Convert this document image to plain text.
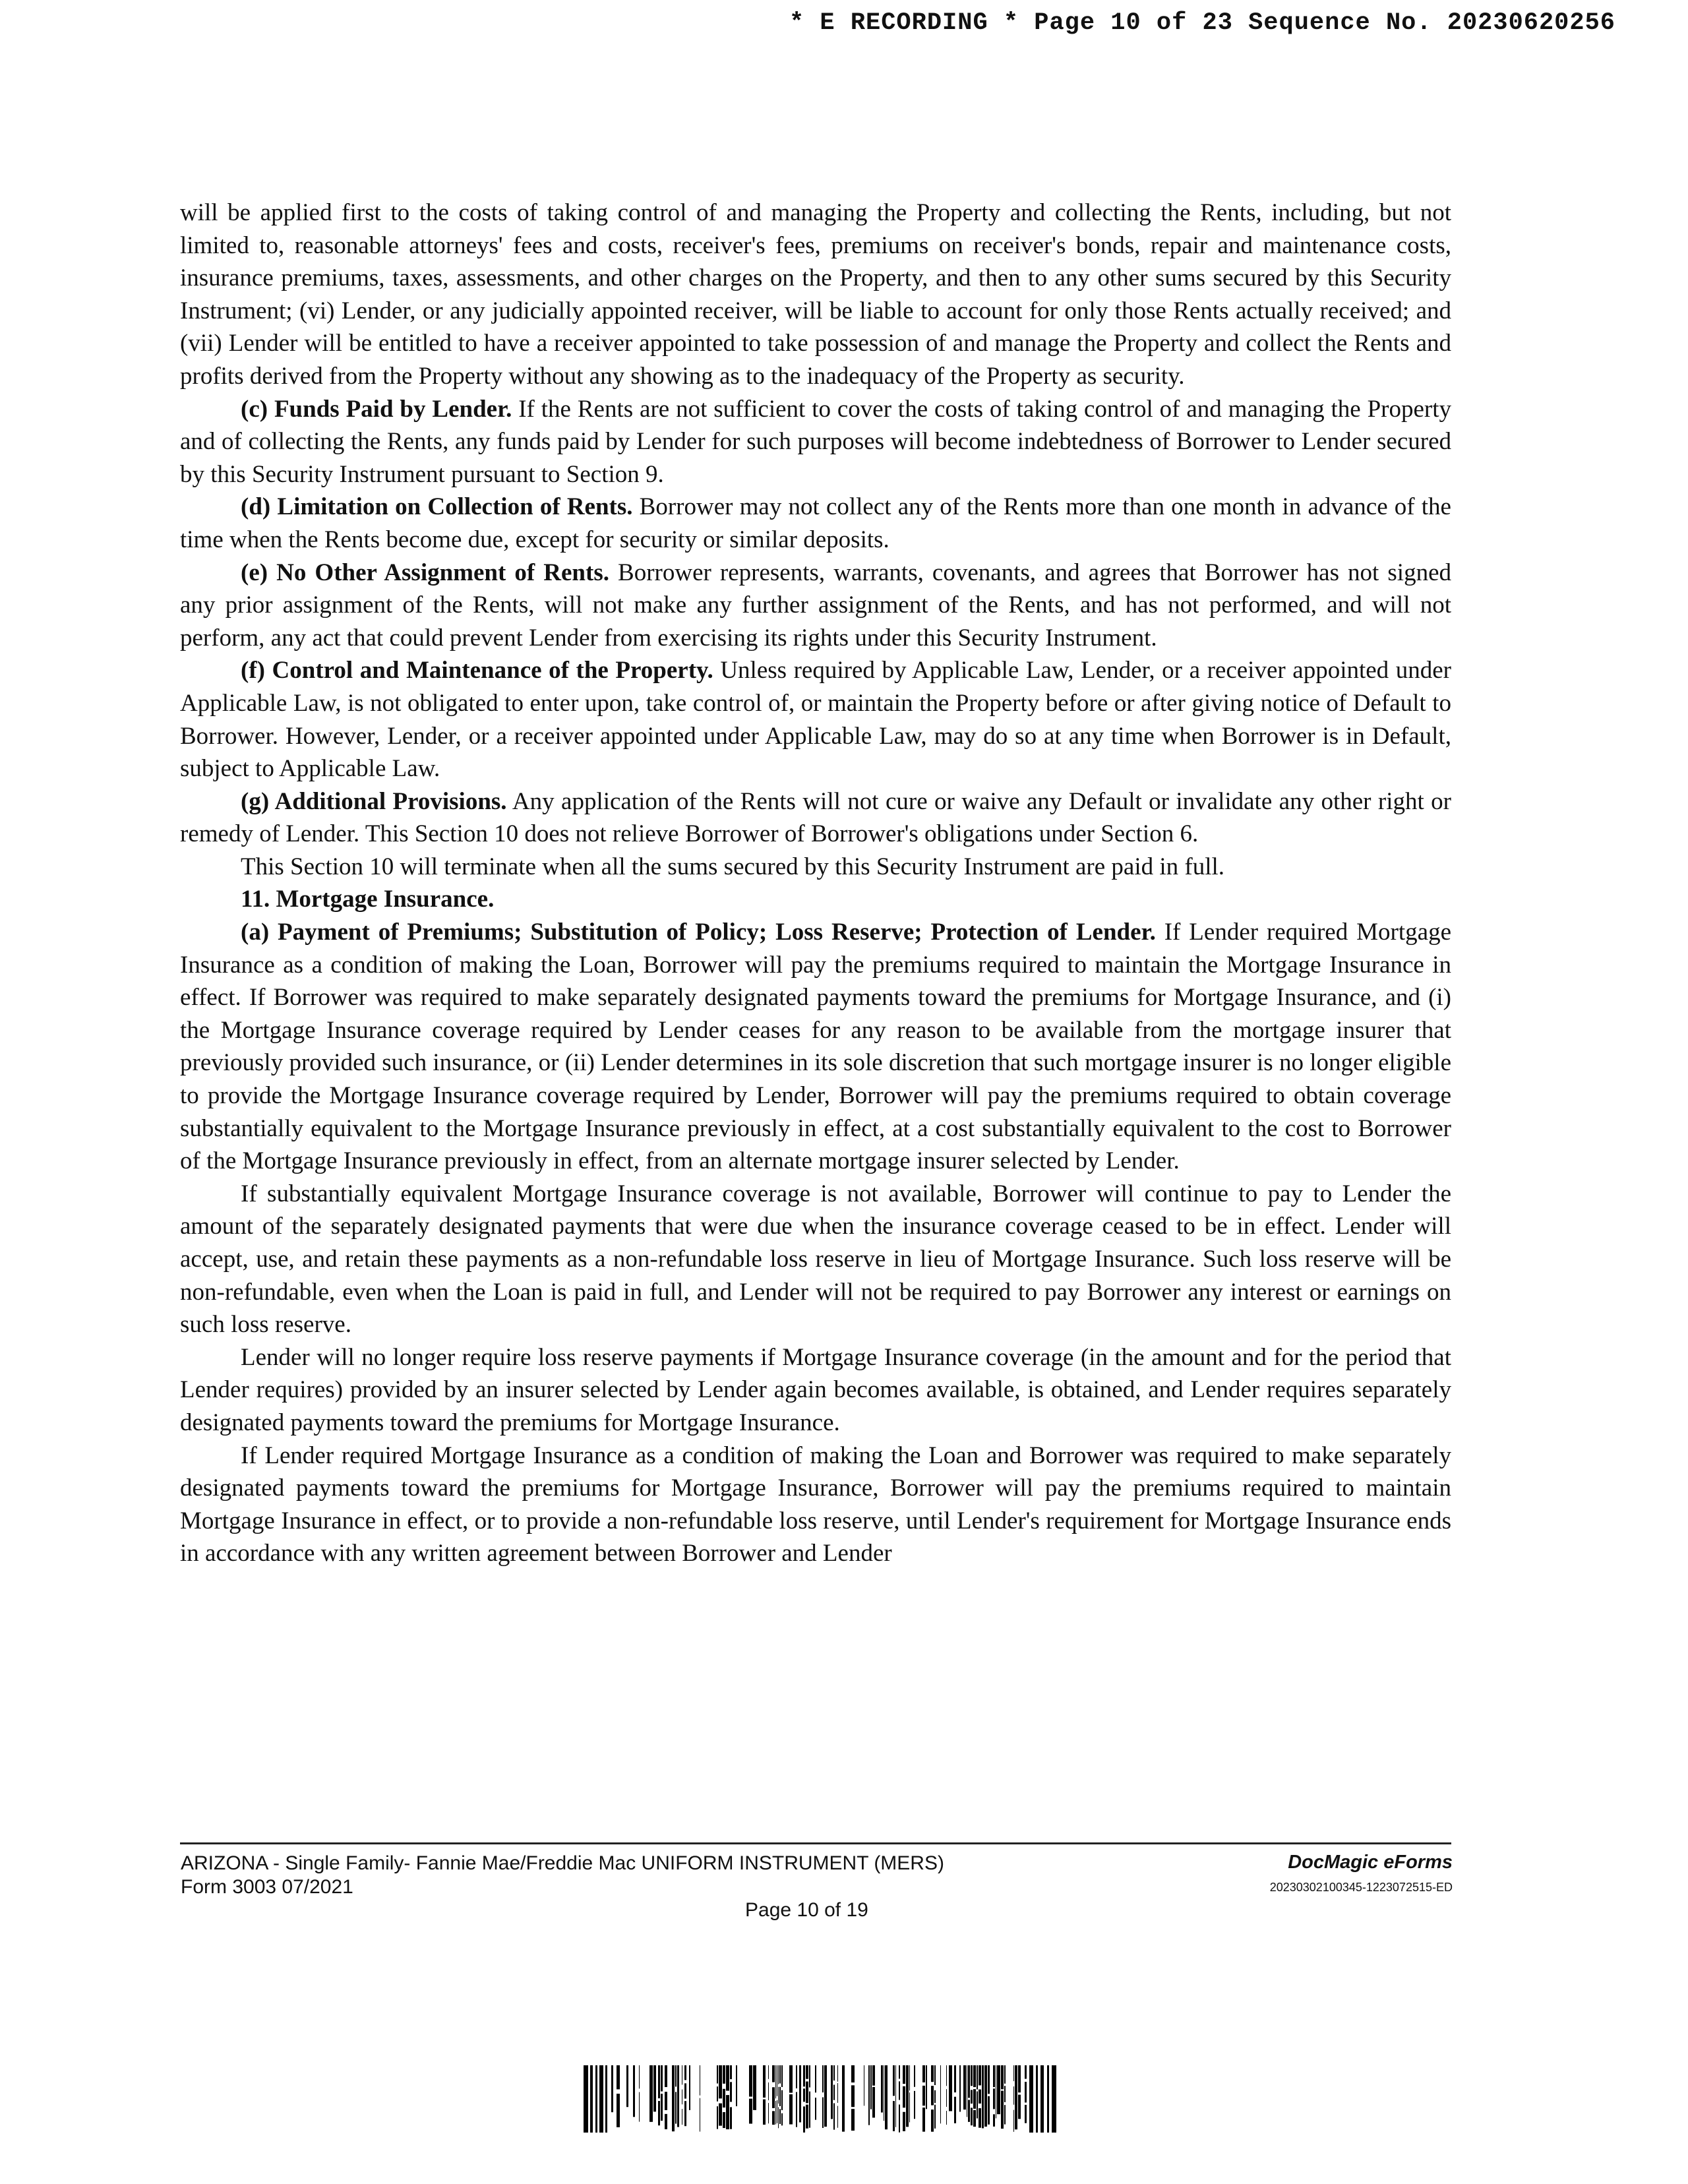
* E RECORDING * Page 10 of 23 Sequence No. 20230620256

will be applied first to the costs of taking control of and managing the Property and collecting the Rents, including, but not limited to, reasonable attorneys' fees and costs, receiver's fees, premiums on receiver's bonds, repair and maintenance costs, insurance premiums, taxes, assessments, and other charges on the Property, and then to any other sums secured by this Security Instrument; (vi) Lender, or any judicially appointed receiver, will be liable to account for only those Rents actually received; and (vii) Lender will be entitled to have a receiver appointed to take possession of and manage the Property and collect the Rents and profits derived from the Property without any showing as to the inadequacy of the Property as security.

(c) Funds Paid by Lender. If the Rents are not sufficient to cover the costs of taking control of and managing the Property and of collecting the Rents, any funds paid by Lender for such purposes will become indebtedness of Borrower to Lender secured by this Security Instrument pursuant to Section 9.

(d) Limitation on Collection of Rents. Borrower may not collect any of the Rents more than one month in advance of the time when the Rents become due, except for security or similar deposits.

(e) No Other Assignment of Rents. Borrower represents, warrants, covenants, and agrees that Borrower has not signed any prior assignment of the Rents, will not make any further assignment of the Rents, and has not performed, and will not perform, any act that could prevent Lender from exercising its rights under this Security Instrument.

(f) Control and Maintenance of the Property. Unless required by Applicable Law, Lender, or a receiver appointed under Applicable Law, is not obligated to enter upon, take control of, or maintain the Property before or after giving notice of Default to Borrower. However, Lender, or a receiver appointed under Applicable Law, may do so at any time when Borrower is in Default, subject to Applicable Law.

(g) Additional Provisions. Any application of the Rents will not cure or waive any Default or invalidate any other right or remedy of Lender. This Section 10 does not relieve Borrower of Borrower's obligations under Section 6.

This Section 10 will terminate when all the sums secured by this Security Instrument are paid in full.

11. Mortgage Insurance.

(a) Payment of Premiums; Substitution of Policy; Loss Reserve; Protection of Lender. If Lender required Mortgage Insurance as a condition of making the Loan, Borrower will pay the premiums required to maintain the Mortgage Insurance in effect. If Borrower was required to make separately designated payments toward the premiums for Mortgage Insurance, and (i) the Mortgage Insurance coverage required by Lender ceases for any reason to be available from the mortgage insurer that previously provided such insurance, or (ii) Lender determines in its sole discretion that such mortgage insurer is no longer eligible to provide the Mortgage Insurance coverage required by Lender, Borrower will pay the premiums required to obtain coverage substantially equivalent to the Mortgage Insurance previously in effect, at a cost substantially equivalent to the cost to Borrower of the Mortgage Insurance previously in effect, from an alternate mortgage insurer selected by Lender.

If substantially equivalent Mortgage Insurance coverage is not available, Borrower will continue to pay to Lender the amount of the separately designated payments that were due when the insurance coverage ceased to be in effect. Lender will accept, use, and retain these payments as a non-refundable loss reserve in lieu of Mortgage Insurance. Such loss reserve will be non-refundable, even when the Loan is paid in full, and Lender will not be required to pay Borrower any interest or earnings on such loss reserve.

Lender will no longer require loss reserve payments if Mortgage Insurance coverage (in the amount and for the period that Lender requires) provided by an insurer selected by Lender again becomes available, is obtained, and Lender requires separately designated payments toward the premiums for Mortgage Insurance.

If Lender required Mortgage Insurance as a condition of making the Loan and Borrower was required to make separately designated payments toward the premiums for Mortgage Insurance, Borrower will pay the premiums required to maintain Mortgage Insurance in effect, or to provide a non-refundable loss reserve, until Lender's requirement for Mortgage Insurance ends in accordance with any written agreement between Borrower and Lender

ARIZONA - Single Family- Fannie Mae/Freddie Mac UNIFORM INSTRUMENT (MERS)
Form 3003 07/2021
Page 10 of 19
DocMagic eForms
20230302100345-1223072515-ED
